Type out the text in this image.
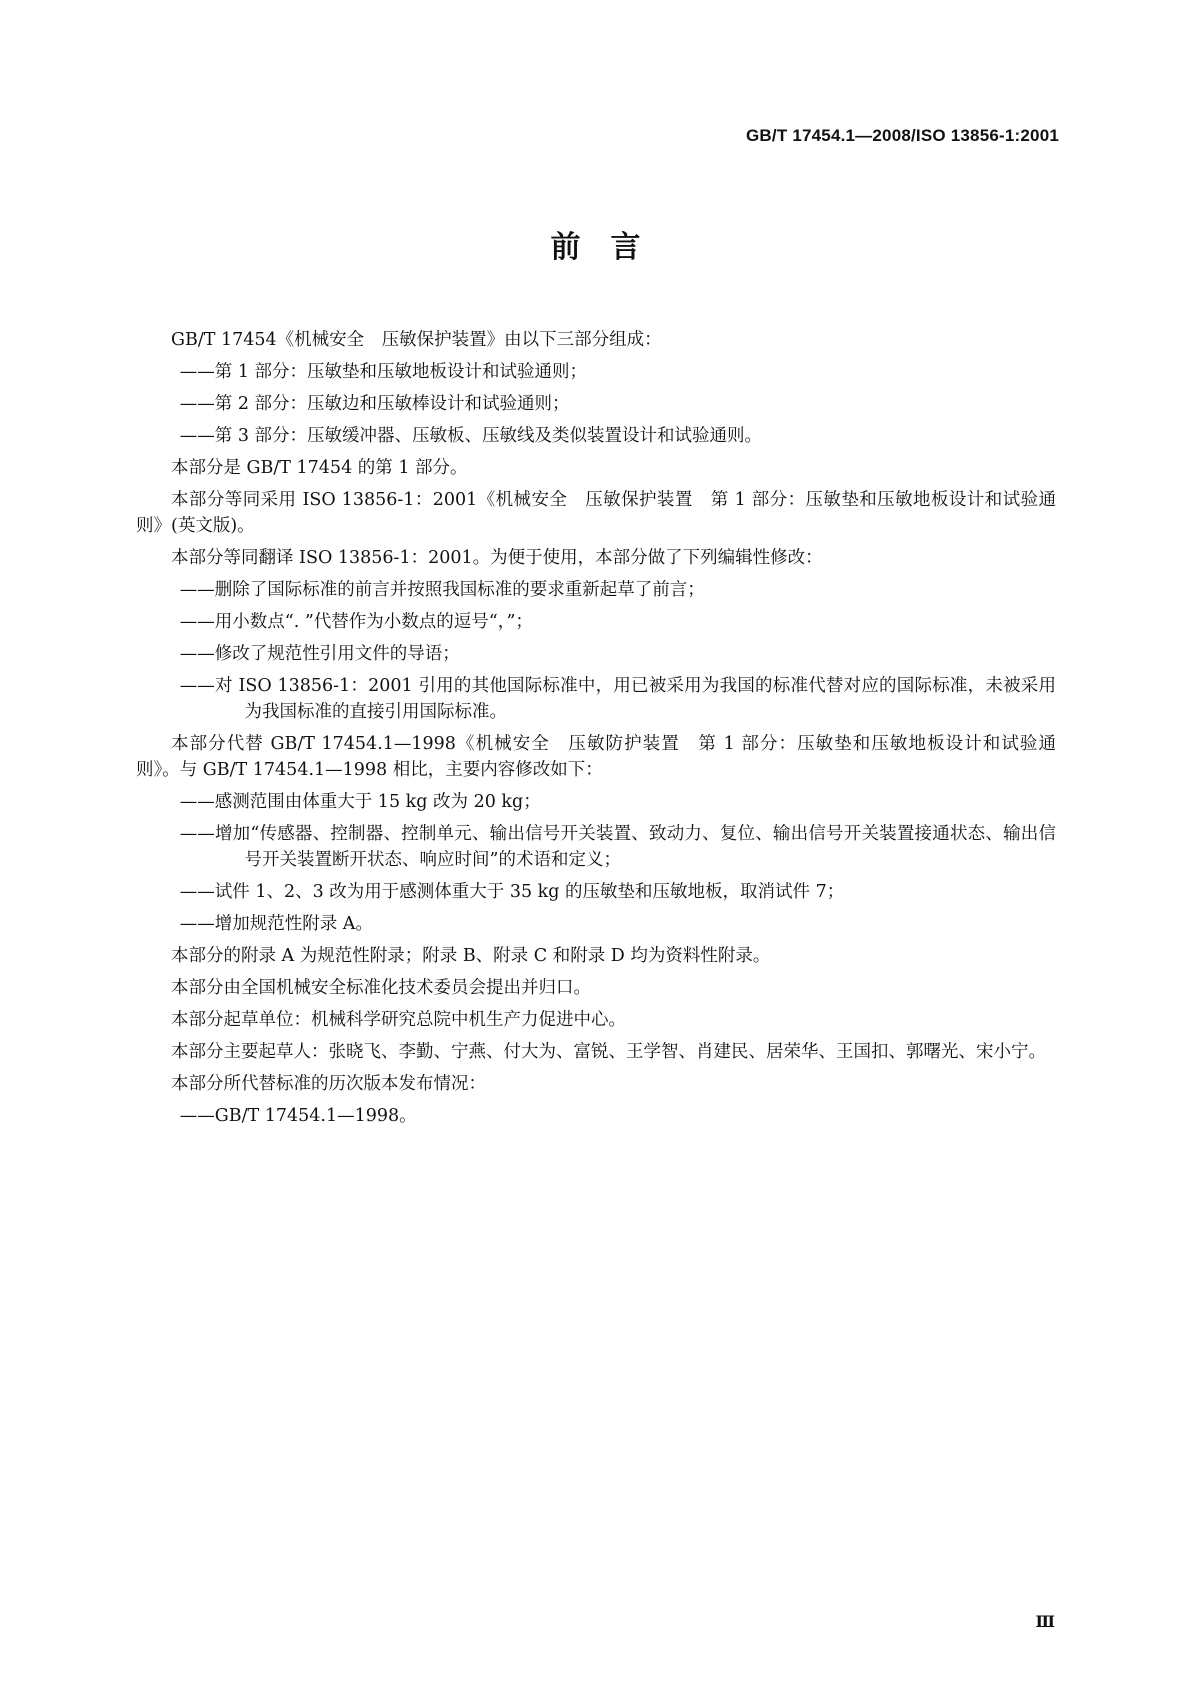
GB/T 17454.1—2008/ISO 13856-1:2001
前言

GB/T 17454《机械安全　压敏保护装置》由以下三部分组成：

——第 1 部分：压敏垫和压敏地板设计和试验通则；

——第 2 部分：压敏边和压敏棒设计和试验通则；

——第 3 部分：压敏缓冲器、压敏板、压敏线及类似装置设计和试验通则。

本部分是 GB/T 17454 的第 1 部分。

本部分等同采用 ISO 13856-1：2001《机械安全　压敏保护装置　第 1 部分：压敏垫和压敏地板设计和试验通则》(英文版)。

本部分等同翻译 ISO 13856-1：2001。为便于使用，本部分做了下列编辑性修改：

——删除了国际标准的前言并按照我国标准的要求重新起草了前言；

——用小数点“. ”代替作为小数点的逗号“，”；

——修改了规范性引用文件的导语；

——对 ISO 13856-1：2001 引用的其他国际标准中，用已被采用为我国的标准代替对应的国际标准，未被采用为我国标准的直接引用国际标准。

本部分代替 GB/T 17454.1—1998《机械安全　压敏防护装置　第 1 部分：压敏垫和压敏地板设计和试验通则》。与 GB/T 17454.1—1998 相比，主要内容修改如下：

——感测范围由体重大于 15 kg 改为 20 kg；

——增加“传感器、控制器、控制单元、输出信号开关装置、致动力、复位、输出信号开关装置接通状态、输出信号开关装置断开状态、响应时间”的术语和定义；

——试件 1、2、3 改为用于感测体重大于 35 kg 的压敏垫和压敏地板，取消试件 7；

——增加规范性附录 A。

本部分的附录 A 为规范性附录；附录 B、附录 C 和附录 D 均为资料性附录。

本部分由全国机械安全标准化技术委员会提出并归口。

本部分起草单位：机械科学研究总院中机生产力促进中心。

本部分主要起草人：张晓飞、李勤、宁燕、付大为、富锐、王学智、肖建民、居荣华、王国扣、郭曙光、宋小宁。

本部分所代替标准的历次版本发布情况：

——GB/T 17454.1—1998。

Ⅲ
